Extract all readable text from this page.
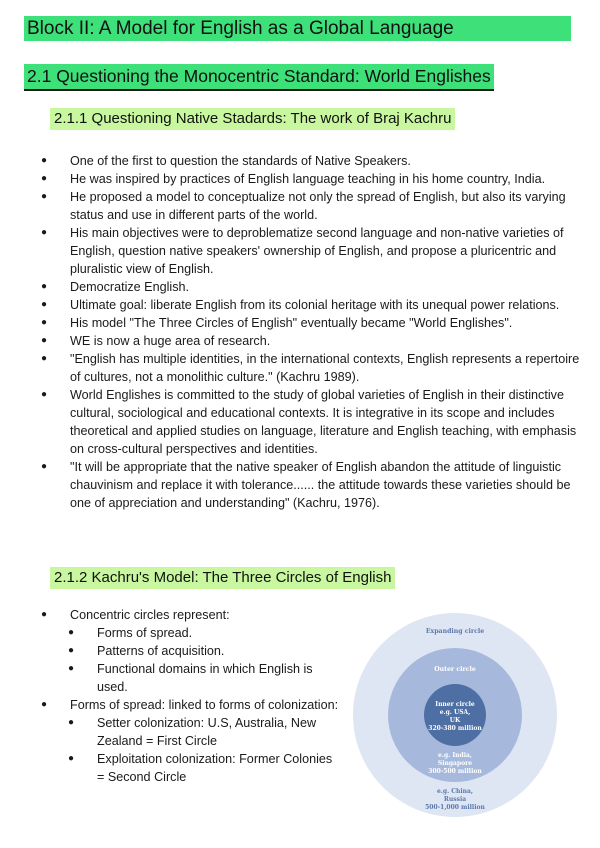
Block II: A Model for English as a Global Language
2.1 Questioning the Monocentric Standard: World Englishes
2.1.1 Questioning Native Stadards: The work of Braj Kachru
● One of the first to question the standards of Native Speakers.
● He was inspired by practices of English language teaching in his home country, India.
● He proposed a model to conceptualize not only the spread of English, but also its varying status and use in different parts of the world.
● His main objectives were to deproblematize second language and non-native varieties of English, question native speakers' ownership of English, and propose a pluricentric and pluralistic view of English.
● Democratize English.
● Ultimate goal: liberate English from its colonial heritage with its unequal power relations.
● His model "The Three Circles of English" eventually became "World Englishes".
● WE is now a huge area of research.
● "English has multiple identities, in the international contexts, English represents a repertoire of cultures, not a monolithic culture." (Kachru 1989).
● World Englishes is committed to the study of global varieties of English in their distinctive cultural, sociological and educational contexts. It is integrative in its scope and includes theoretical and applied studies on language, literature and English teaching, with emphasis on cross-cultural perspectives and identities.
● "It will be appropriate that the native speaker of English abandon the attitude of linguistic chauvinism and replace it with tolerance...... the attitude towards these varieties should be one of appreciation and understanding" (Kachru, 1976).
2.1.2 Kachru's Model: The Three Circles of English
● Concentric circles represent:
● Forms of spread.
● Patterns of acquisition.
● Functional domains in which English is used.
● Forms of spread: linked to forms of colonization:
● Setter colonization: U.S, Australia, New Zealand = First Circle
● Exploitation colonization: Former Colonies = Second Circle
Expanding circle
Outer circle
Inner circle
e.g. USA,
UK
320-380 million
e.g. India,
Singapore
300-500 million
e.g. China,
Russia
500-1,000 million
